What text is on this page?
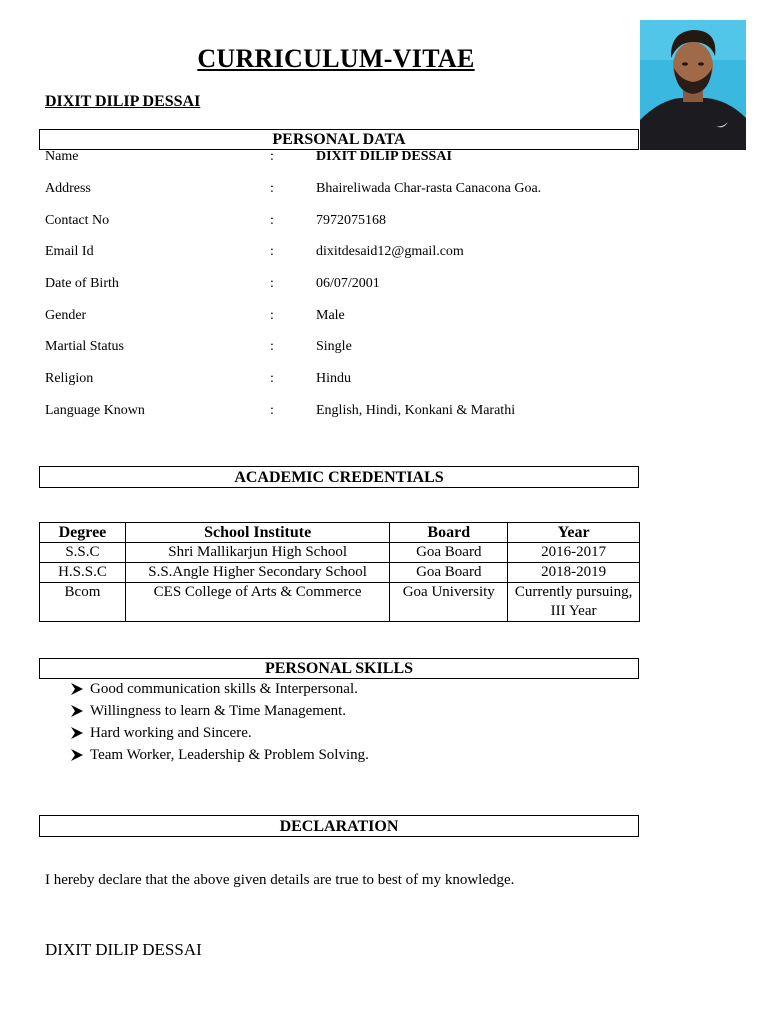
CURRICULUM-VITAE
DIXIT DILIP DESSAI
PERSONAL DATA
Name	:	DIXIT DILIP DESSAI
Address	:	Bhaireliwada Char-rasta Canacona Goa.
Contact No	:	7972075168
Email Id	:	dixitdesaid12@gmail.com
Date of Birth	:	06/07/2001
Gender	:	Male
Martial Status	:	Single
Religion	:	Hindu
Language Known	:	English, Hindi, Konkani & Marathi
ACADEMIC CREDENTIALS
Degree	School Institute	Board	Year
S.S.C	Shri Mallikarjun High School	Goa Board	2016-2017
H.S.S.C	S.S.Angle Higher Secondary School	Goa Board	2018-2019
Bcom	CES College of Arts & Commerce	Goa University	Currently pursuing, III Year
PERSONAL SKILLS
Good communication skills & Interpersonal.
Willingness to learn & Time Management.
Hard working and Sincere.
Team Worker, Leadership & Problem Solving.
DECLARATION
I hereby declare that the above given details are true to best of my knowledge.
DIXIT DILIP DESSAI
